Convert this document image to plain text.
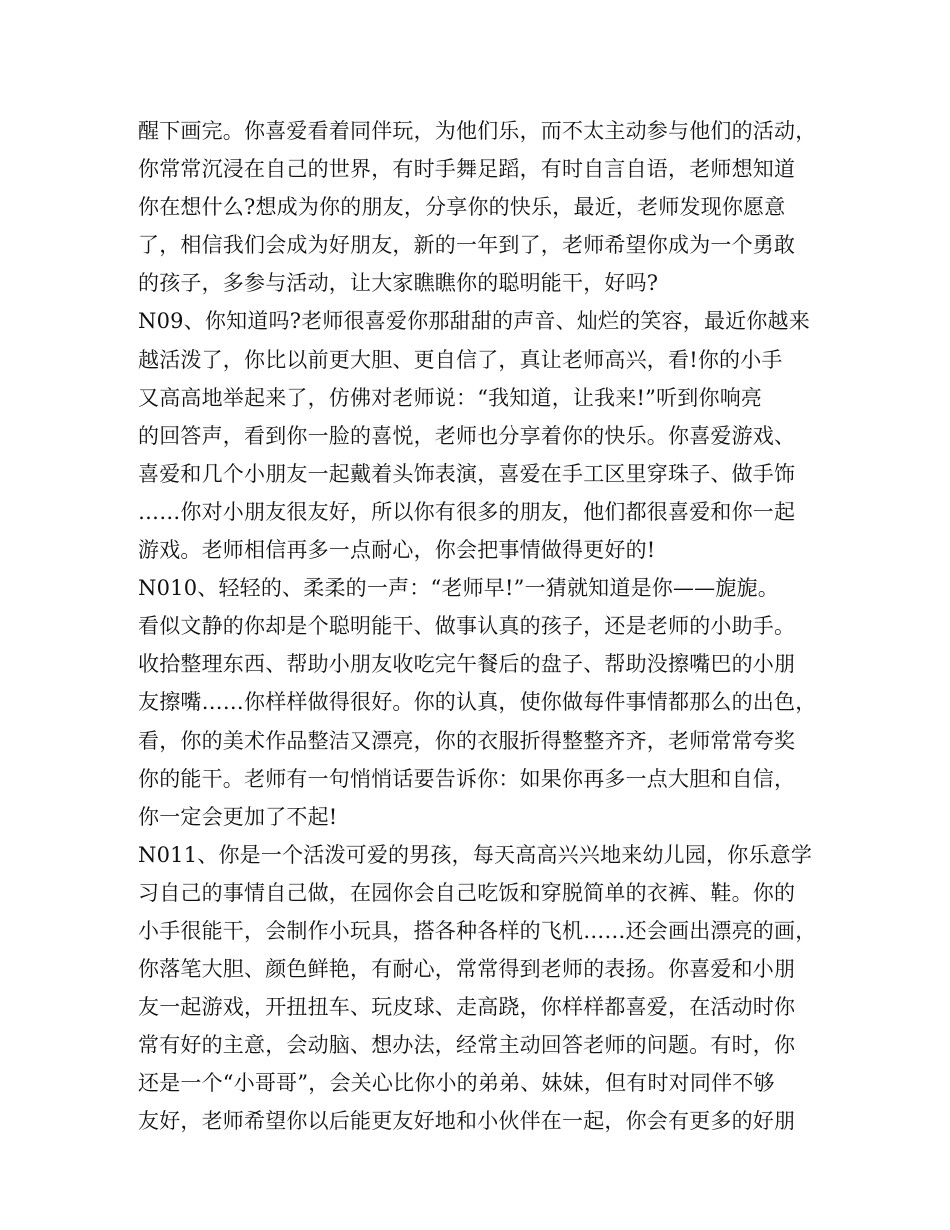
醒下画完。你喜爱看着同伴玩，为他们乐，而不太主动参与他们的活动，
你常常沉浸在自己的世界，有时手舞足蹈，有时自言自语，老师想知道
你在想什么?想成为你的朋友，分享你的快乐，最近，老师发现你愿意
了，相信我们会成为好朋友，新的一年到了，老师希望你成为一个勇敢
的孩子，多参与活动，让大家瞧瞧你的聪明能干，好吗?
N09、你知道吗?老师很喜爱你那甜甜的声音、灿烂的笑容，最近你越来
越活泼了，你比以前更大胆、更自信了，真让老师高兴，看!你的小手
又高高地举起来了，仿佛对老师说：“我知道，让我来!”听到你响亮
的回答声，看到你一脸的喜悦，老师也分享着你的快乐。你喜爱游戏、
喜爱和几个小朋友一起戴着头饰表演，喜爱在手工区里穿珠子、做手饰
……你对小朋友很友好，所以你有很多的朋友，他们都很喜爱和你一起
游戏。老师相信再多一点耐心，你会把事情做得更好的!
N010、轻轻的、柔柔的一声：“老师早!”一猜就知道是你——旎旎。
看似文静的你却是个聪明能干、做事认真的孩子，还是老师的小助手。
收拾整理东西、帮助小朋友收吃完午餐后的盘子、帮助没擦嘴巴的小朋
友擦嘴……你样样做得很好。你的认真，使你做每件事情都那么的出色，
看，你的美术作品整洁又漂亮，你的衣服折得整整齐齐，老师常常夸奖
你的能干。老师有一句悄悄话要告诉你：如果你再多一点大胆和自信，
你一定会更加了不起!
N011、你是一个活泼可爱的男孩，每天高高兴兴地来幼儿园，你乐意学
习自己的事情自己做，在园你会自己吃饭和穿脱简单的衣裤、鞋。你的
小手很能干，会制作小玩具，搭各种各样的飞机……还会画出漂亮的画，
你落笔大胆、颜色鲜艳，有耐心，常常得到老师的表扬。你喜爱和小朋
友一起游戏，开扭扭车、玩皮球、走高跷，你样样都喜爱，在活动时你
常有好的主意，会动脑、想办法，经常主动回答老师的问题。有时，你
还是一个“小哥哥”，会关心比你小的弟弟、妹妹，但有时对同伴不够
友好，老师希望你以后能更友好地和小伙伴在一起，你会有更多的好朋
